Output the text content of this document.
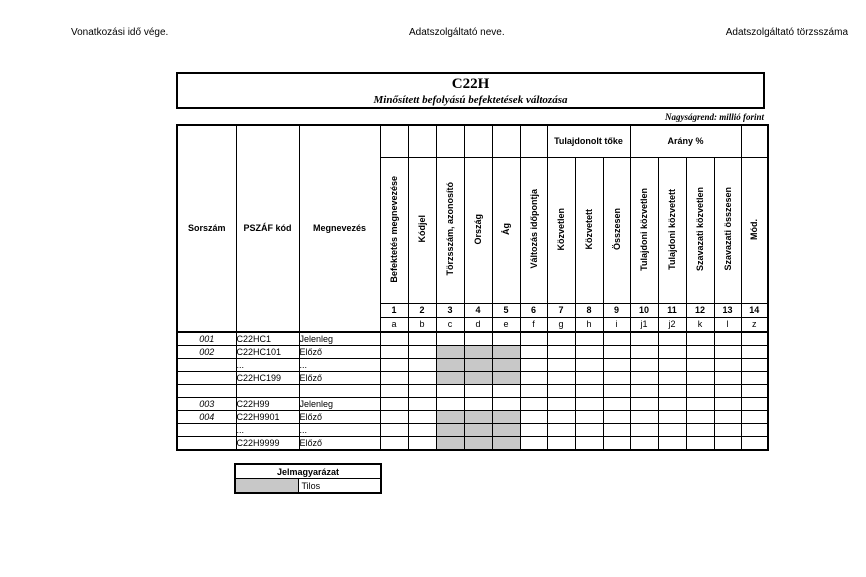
Vonatkozási idő vége.	Adatszolgáltató neve.	Adatszolgáltató törzsszáma
C22H
Minősített befolyású befektetések változása
Nagyságrend: millió forint
Sorszám	PSZÁF kód	Megnevezés							Tulajdonolt tőke			Arány %				
			Befektetés megnevezése	Kódjel	Törzsszám, azonosító	Ország	Ág	Változás időpontja	Közvetlen	Közvetett	Összesen	Tulajdoni közvetlen	Tulajdoni közvetett	Szavazati közvetlen	Szavazati összesen	Mód.
			1	2	3	4	5	6	7	8	9	10	11	12	13	14
			a	b	c	d	e	f	g	h	i	j1	j2	k	l	z
001	C22HC1	Jelenleg														
002	C22HC101	Előző														
	...	...														
	C22HC199	Előző														

003	C22H99	Jelenleg														
004	C22H9901	Előző														
	...	...														
	C22H9999	Előző														
Jelmagyarázat
	Tilos
